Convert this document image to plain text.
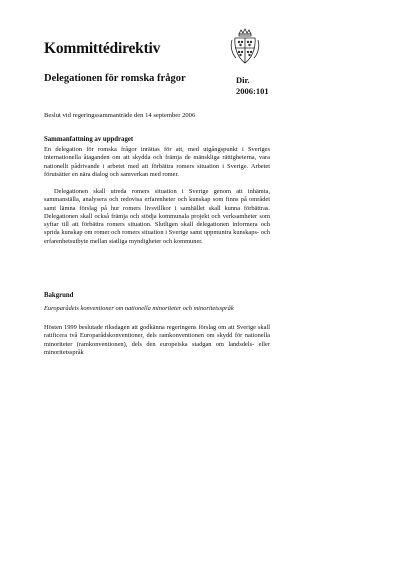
Kommittédirektiv
Delegationen för romska frågor	Dir.
2006:101

Beslut vid regeringssammanträde den 14 september 2006

Sammanfattning av uppdraget

En delegation för romska frågor inrättas för att, med utgångspunkt i Sveriges internationella åtaganden om att skydda och främja de mänskliga rättigheterna, vara nationellt pådrivande i arbetet med att förbättra romers situation i Sverige. Arbetet förutsätter en nära dialog och samverkan med romer.

Delegationen skall utreda romers situation i Sverige genom att inhämta, sammanställa, analysera och redovisa erfarenheter och kunskap som finns på området samt lämna förslag på hur romers livsvillkor i samhället skall kunna förbättras. Delegationen skall också främja och stödja kommunala projekt och verksamheter som syftar till att förbättra romers situation. Slutligen skall delegationen informera och sprida kunskap om romer och romers situation i Sverige samt uppmuntra kunskaps- och erfarenhetsutbyte mellan statliga myndigheter och kommuner.

Bakgrund

Europarådets konventioner om nationella minoriteter och minoritetsspråk

Hösten 1999 beslutade riksdagen att godkänna regeringens förslag om att Sverige skall ratificera två Europarådskonventioner, dels ramkonventionen om skydd för nationella minoriteter (ramkonventionen), dels den europeiska stadgan om landsdels- eller minoritetsspråk
